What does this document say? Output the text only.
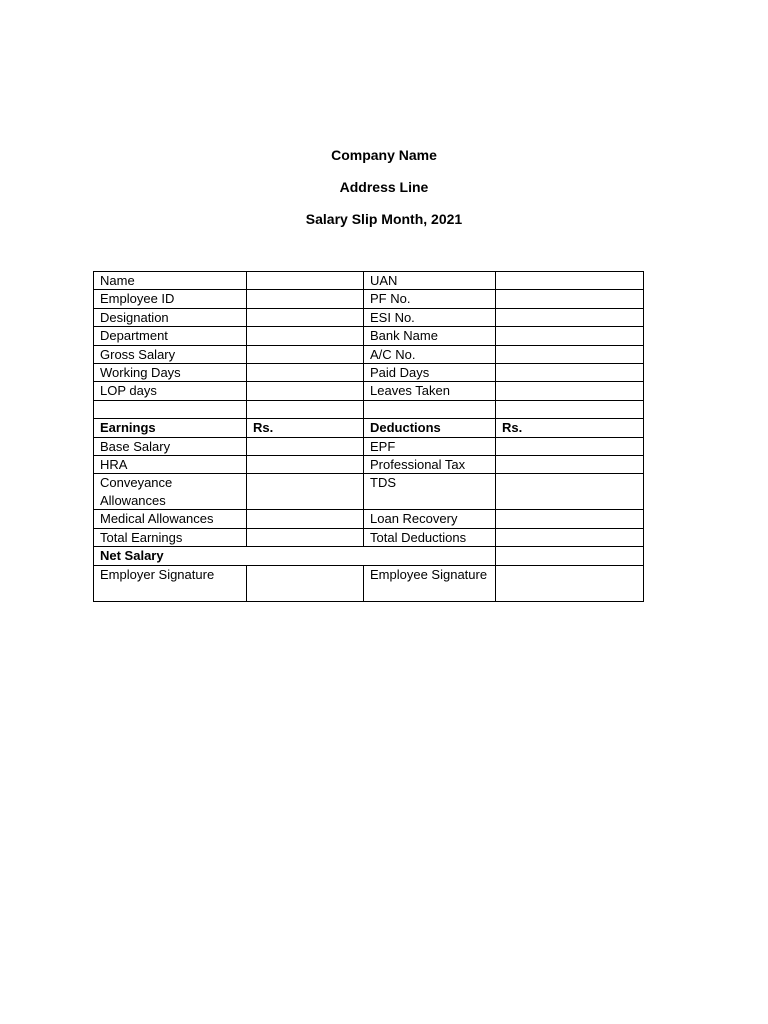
Company Name
Address Line
Salary Slip Month, 2021
Name		UAN	
Employee ID		PF No.	
Designation		ESI No.	
Department		Bank Name	
Gross Salary		A/C No.	
Working Days		Paid Days	
LOP days		Leaves Taken	

Earnings	Rs.	Deductions	Rs.
Base Salary		EPF	
HRA		Professional Tax	
Conveyance Allowances		TDS	
Medical Allowances		Loan Recovery	
Total Earnings		Total Deductions	
Net Salary			
Employer Signature		Employee Signature	
